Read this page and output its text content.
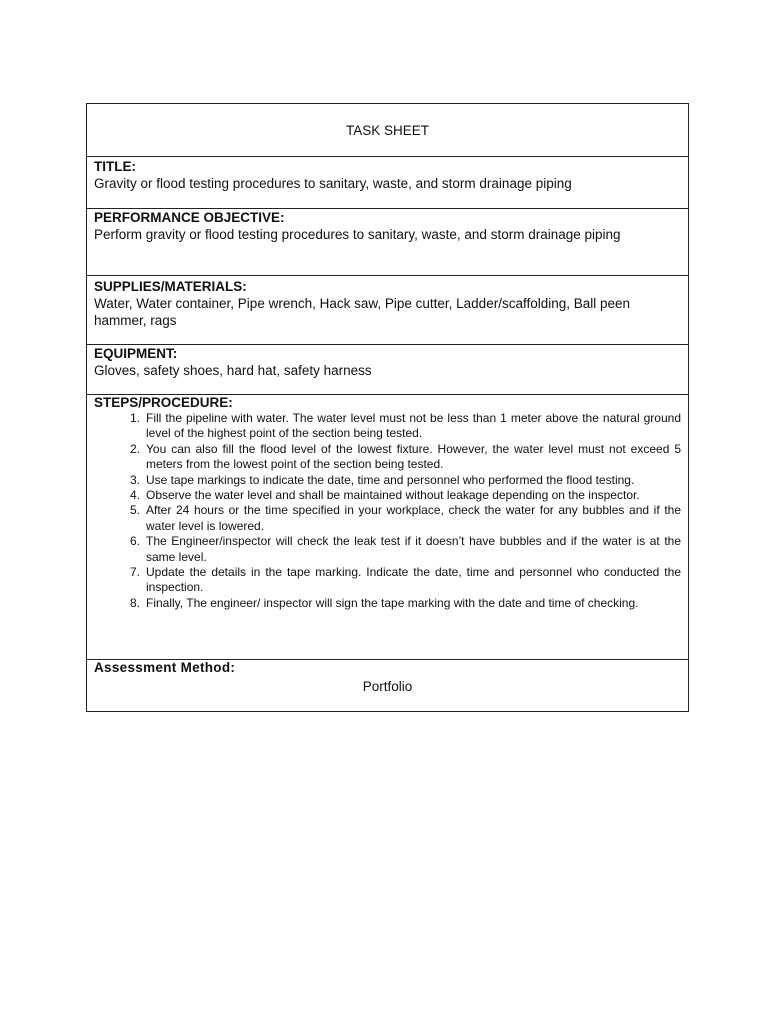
TASK SHEET
TITLE:
Gravity or flood testing procedures to sanitary, waste, and storm drainage piping
PERFORMANCE OBJECTIVE:
Perform gravity or flood testing procedures to sanitary, waste, and storm drainage piping
SUPPLIES/MATERIALS:
Water, Water container, Pipe wrench, Hack saw, Pipe cutter, Ladder/scaffolding, Ball peen hammer, rags
EQUIPMENT:
Gloves, safety shoes, hard hat, safety harness
STEPS/PROCEDURE:
Fill the pipeline with water. The water level must not be less than 1 meter above the natural ground level of the highest point of the section being tested.
You can also fill the flood level of the lowest fixture. However, the water level must not exceed 5 meters from the lowest point of the section being tested.
Use tape markings to indicate the date, time and personnel who performed the flood testing.
Observe the water level and shall be maintained without leakage depending on the inspector.
After 24 hours or the time specified in your workplace, check the water for any bubbles and if the water level is lowered.
The Engineer/inspector will check the leak test if it doesn’t have bubbles and if the water is at the same level.
Update the details in the tape marking. Indicate the date, time and personnel who conducted the inspection.
Finally, The engineer/ inspector will sign the tape marking with the date and time of checking.
Assessment Method:
Portfolio
